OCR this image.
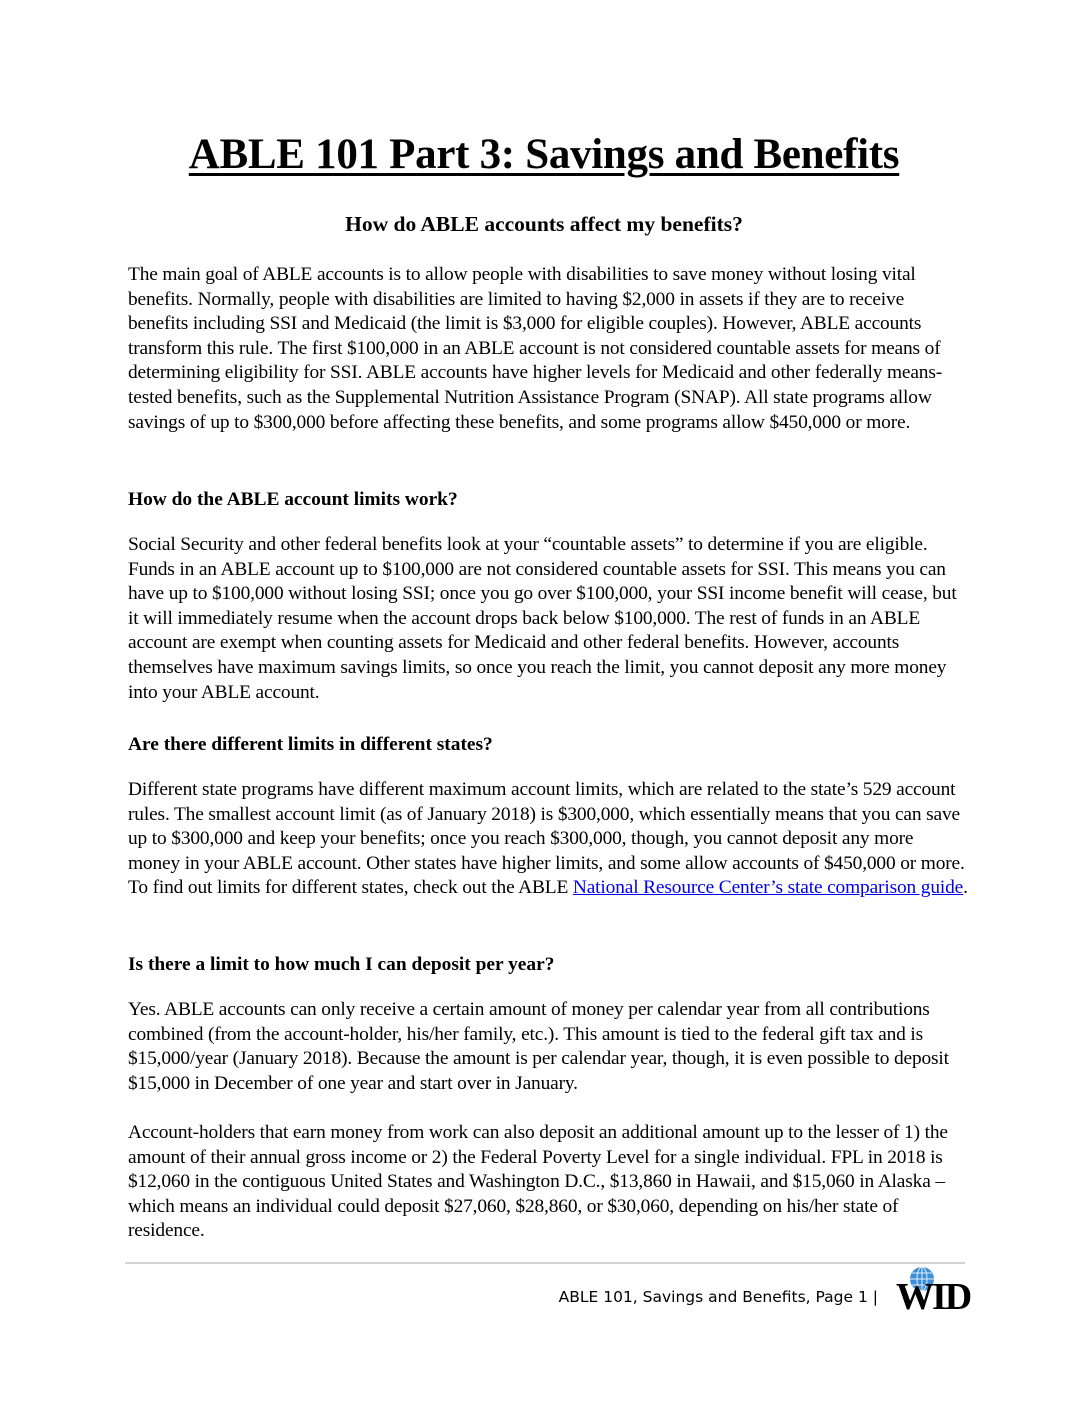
ABLE 101 Part 3: Savings and Benefits
How do ABLE accounts affect my benefits?

The main goal of ABLE accounts is to allow people with disabilities to save money without losing vital benefits. Normally, people with disabilities are limited to having $2,000 in assets if they are to receive benefits including SSI and Medicaid (the limit is $3,000 for eligible couples). However, ABLE accounts transform this rule. The first $100,000 in an ABLE account is not considered countable assets for means of determining eligibility for SSI. ABLE accounts have higher levels for Medicaid and other federally means-tested benefits, such as the Supplemental Nutrition Assistance Program (SNAP). All state programs allow savings of up to $300,000 before affecting these benefits, and some programs allow $450,000 or more.

How do the ABLE account limits work?

Social Security and other federal benefits look at your “countable assets” to determine if you are eligible. Funds in an ABLE account up to $100,000 are not considered countable assets for SSI. This means you can have up to $100,000 without losing SSI; once you go over $100,000, your SSI income benefit will cease, but it will immediately resume when the account drops back below $100,000. The rest of funds in an ABLE account are exempt when counting assets for Medicaid and other federal benefits. However, accounts themselves have maximum savings limits, so once you reach the limit, you cannot deposit any more money into your ABLE account.

Are there different limits in different states?

Different state programs have different maximum account limits, which are related to the state’s 529 account rules. The smallest account limit (as of January 2018) is $300,000, which essentially means that you can save up to $300,000 and keep your benefits; once you reach $300,000, though, you cannot deposit any more money in your ABLE account. Other states have higher limits, and some allow accounts of $450,000 or more. To find out limits for different states, check out the ABLE National Resource Center’s state comparison guide.

Is there a limit to how much I can deposit per year?

Yes. ABLE accounts can only receive a certain amount of money per calendar year from all contributions combined (from the account-holder, his/her family, etc.). This amount is tied to the federal gift tax and is $15,000/year (January 2018). Because the amount is per calendar year, though, it is even possible to deposit $15,000 in December of one year and start over in January.

Account-holders that earn money from work can also deposit an additional amount up to the lesser of 1) the amount of their annual gross income or 2) the Federal Poverty Level for a single individual. FPL in 2018 is $12,060 in the contiguous United States and Washington D.C., $13,860 in Hawaii, and $15,060 in Alaska – which means an individual could deposit $27,060, $28,860, or $30,060, depending on his/her state of residence.

ABLE 101, Savings and Benefits, Page 1 | WID
